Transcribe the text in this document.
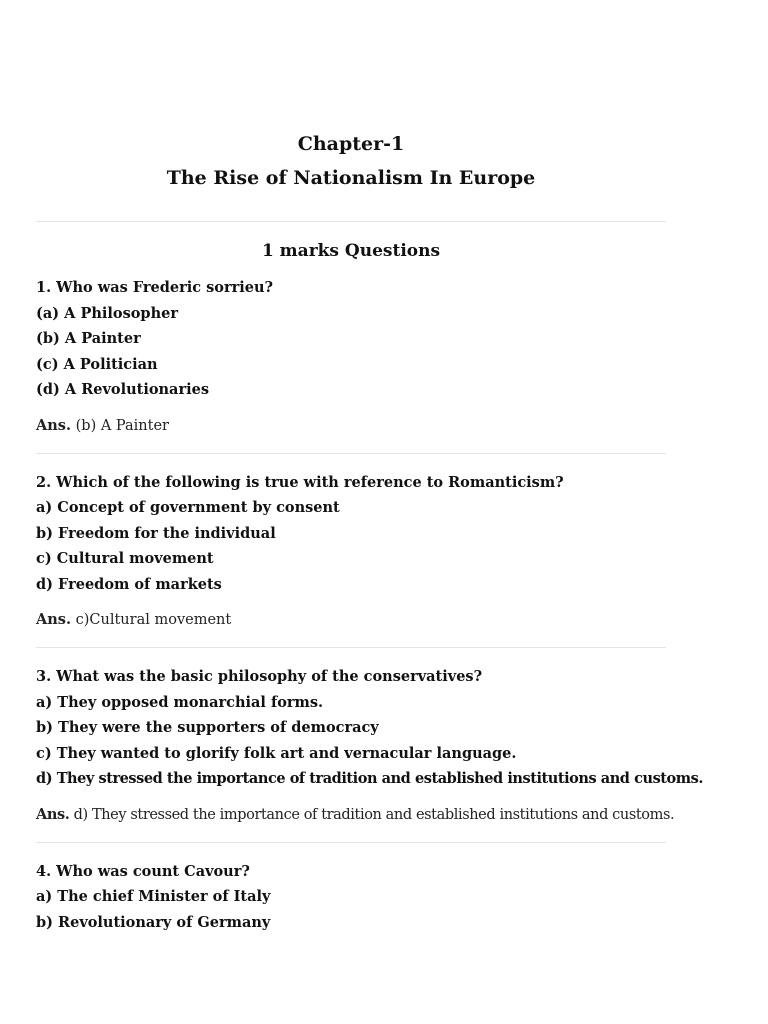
Chapter-1

The Rise of Nationalism In Europe

1 marks Questions

1. Who was Frederic sorrieu?

(a) A Philosopher

(b) A Painter

(c) A Politician

(d) A Revolutionaries

Ans. (b) A Painter

2. Which of the following is true with reference to Romanticism?

a) Concept of government by consent

b) Freedom for the individual

c) Cultural movement

d) Freedom of markets

Ans. c)Cultural movement

3. What was the basic philosophy of the conservatives?

a) They opposed monarchial forms.

b) They were the supporters of democracy

c) They wanted to glorify folk art and vernacular language.

d) They stressed the importance of tradition and established institutions and customs.

Ans. d) They stressed the importance of tradition and established institutions and customs.

4. Who was count Cavour?

a) The chief Minister of Italy

b) Revolutionary of Germany
